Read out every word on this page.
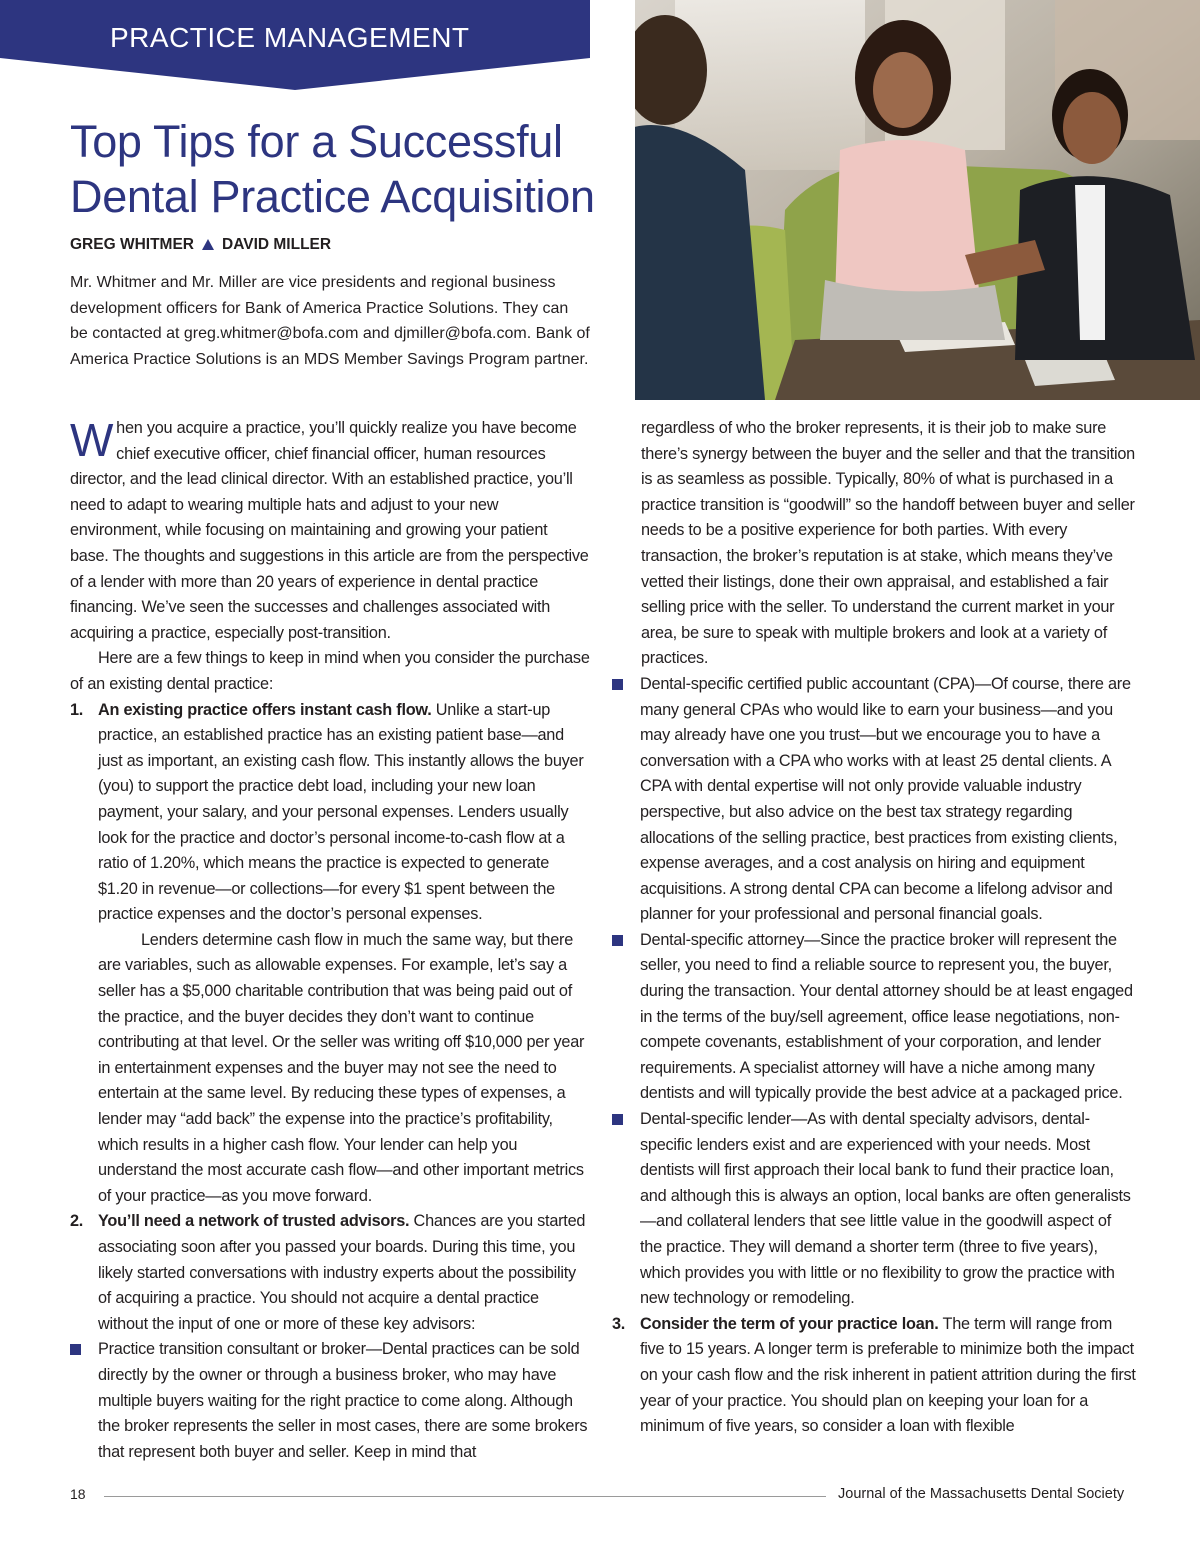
PRACTICE MANAGEMENT
Top Tips for a Successful Dental Practice Acquisition
GREG WHITMER DAVID MILLER

Mr. Whitmer and Mr. Miller are vice presidents and regional business development officers for Bank of America Practice Solutions. They can be contacted at greg.whitmer@bofa.com and djmiller@bofa.com. Bank of America Practice Solutions is an MDS Member Savings Program partner.

When you acquire a practice, you’ll quickly realize you have become chief executive officer, chief financial officer, human resources director, and the lead clinical director. With an established practice, you’ll need to adapt to wearing multiple hats and adjust to your new environment, while focusing on maintaining and growing your patient base. The thoughts and suggestions in this article are from the perspective of a lender with more than 20 years of experience in dental practice financing. We’ve seen the successes and challenges associated with acquiring a practice, especially post-transition.

Here are a few things to keep in mind when you consider the purchase of an existing dental practice:

1. An existing practice offers instant cash flow. Unlike a start-up practice, an established practice has an existing patient base—and just as important, an existing cash flow. This instantly allows the buyer (you) to support the practice debt load, including your new loan payment, your salary, and your personal expenses. Lenders usually look for the practice and doctor’s personal income-to-cash flow at a ratio of 1.20%, which means the practice is expected to generate $1.20 in revenue—or collections—for every $1 spent between the practice expenses and the doctor’s personal expenses.

Lenders determine cash flow in much the same way, but there are variables, such as allowable expenses. For example, let’s say a seller has a $5,000 charitable contribution that was being paid out of the practice, and the buyer decides they don’t want to continue contributing at that level. Or the seller was writing off $10,000 per year in entertainment expenses and the buyer may not see the need to entertain at the same level. By reducing these types of expenses, a lender may “add back” the expense into the practice’s profitability, which results in a higher cash flow. Your lender can help you understand the most accurate cash flow—and other important metrics of your practice—as you move forward.

2. You’ll need a network of trusted advisors. Chances are you started associating soon after you passed your boards. During this time, you likely started conversations with industry experts about the possibility of acquiring a practice. You should not acquire a dental practice without the input of one or more of these key advisors:

Practice transition consultant or broker—Dental practices can be sold directly by the owner or through a business broker, who may have multiple buyers waiting for the right practice to come along. Although the broker represents the seller in most cases, there are some brokers that represent both buyer and seller. Keep in mind that

regardless of who the broker represents, it is their job to make sure there’s synergy between the buyer and the seller and that the transition is as seamless as possible. Typically, 80% of what is purchased in a practice transition is “goodwill” so the handoff between buyer and seller needs to be a positive experience for both parties. With every transaction, the broker’s reputation is at stake, which means they’ve vetted their listings, done their own appraisal, and established a fair selling price with the seller. To understand the current market in your area, be sure to speak with multiple brokers and look at a variety of practices.

Dental-specific certified public accountant (CPA)—Of course, there are many general CPAs who would like to earn your business—and you may already have one you trust—but we encourage you to have a conversation with a CPA who works with at least 25 dental clients. A CPA with dental expertise will not only provide valuable industry perspective, but also advice on the best tax strategy regarding allocations of the selling practice, best practices from existing clients, expense averages, and a cost analysis on hiring and equipment acquisitions. A strong dental CPA can become a lifelong advisor and planner for your professional and personal financial goals.

Dental-specific attorney—Since the practice broker will represent the seller, you need to find a reliable source to represent you, the buyer, during the transaction. Your dental attorney should be at least engaged in the terms of the buy/sell agreement, office lease negotiations, non-compete covenants, establishment of your corporation, and lender requirements. A specialist attorney will have a niche among many dentists and will typically provide the best advice at a packaged price.

Dental-specific lender—As with dental specialty advisors, dental-specific lenders exist and are experienced with your needs. Most dentists will first approach their local bank to fund their practice loan, and although this is always an option, local banks are often generalists—and collateral lenders that see little value in the goodwill aspect of the practice. They will demand a shorter term (three to five years), which provides you with little or no flexibility to grow the practice with new technology or remodeling.

3. Consider the term of your practice loan. The term will range from five to 15 years. A longer term is preferable to minimize both the impact on your cash flow and the risk inherent in patient attrition during the first year of your practice. You should plan on keeping your loan for a minimum of five years, so consider a loan with flexible

18	Journal of the Massachusetts Dental Society
